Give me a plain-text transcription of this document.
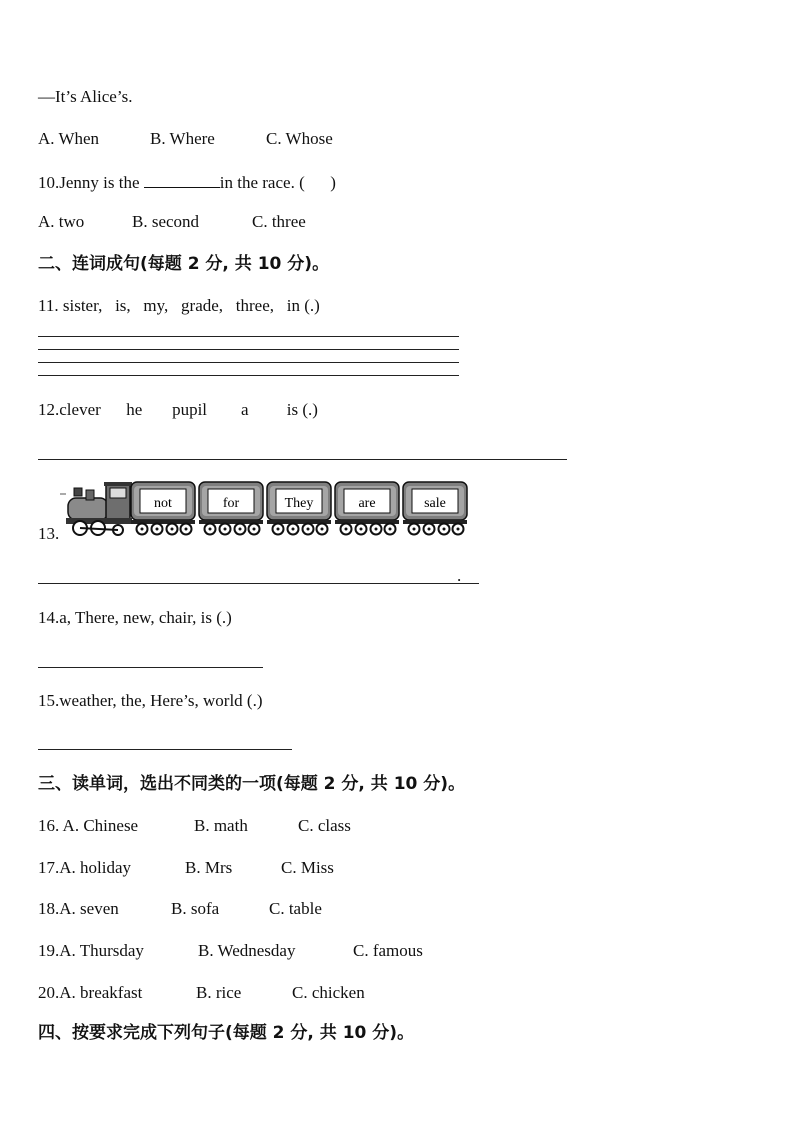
—It’s Alice’s.
A. When	B. Where	C. Whose
10.Jenny is the	in the race. (      )
A. two	B. second	C. three
二、连词成句(每题 2 分, 共 10 分)。
11. sister,   is,   my,   grade,   three,   in (.)
12.clever      he       pupil        a         is (.)
13.
not	for	They	are	sale
.
14.a, There, new, chair, is (.)
15.weather, the, Here’s, world (.)
三、读单词，选出不同类的一项(每题 2 分, 共 10 分)。
16. A. Chinese	B. math	C. class
17.A. holiday	B. Mrs	C. Miss
18.A. seven	B. sofa	C. table
19.A. Thursday	B. Wednesday	C. famous
20.A. breakfast	B. rice	C. chicken
四、按要求完成下列句子(每题 2 分, 共 10 分)。
